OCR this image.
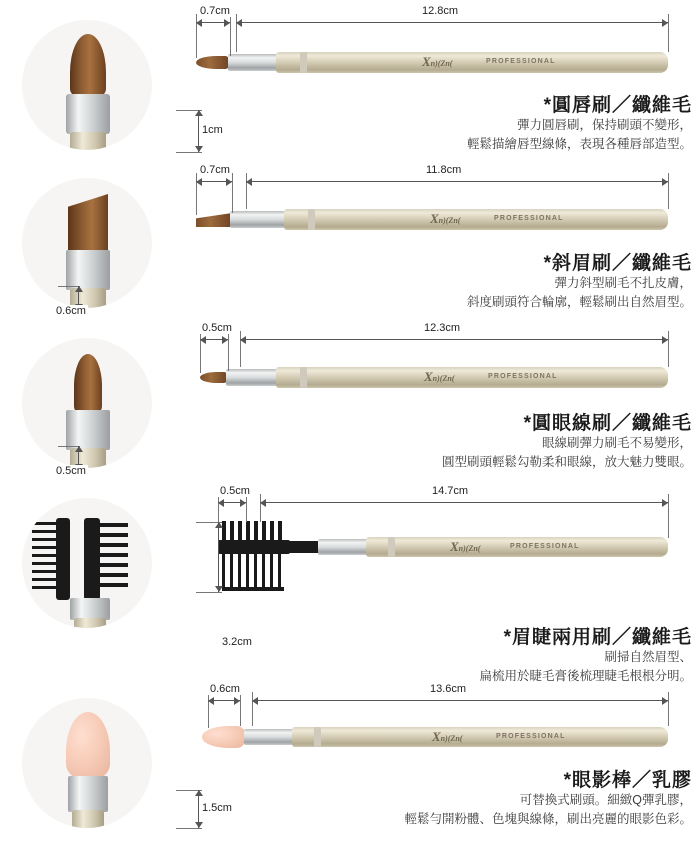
Xn)(Zn(	PROFESSIONAL
0.7cm	12.8cm
1cm
*圓唇刷／纖維毛
彈力圓唇刷，保持刷頭不變形，
輕鬆描繪唇型線條，表現各種唇部造型。
Xn)(Zn(	PROFESSIONAL
0.7cm	11.8cm
0.6cm
*斜眉刷／纖維毛
彈力斜型刷毛不扎皮膚，
斜度刷頭符合輪廓，輕鬆刷出自然眉型。
Xn)(Zn(	PROFESSIONAL
0.5cm	12.3cm
0.5cm
*圓眼線刷／纖維毛
眼線刷彈力刷毛不易變形，
圓型刷頭輕鬆勾勒柔和眼線，放大魅力雙眼。
Xn)(Zn(	PROFESSIONAL
0.5cm	14.7cm
3.2cm	*眉睫兩用刷／纖維毛
刷掃自然眉型、
扁梳用於睫毛膏後梳理睫毛根根分明。
Xn)(Zn(	PROFESSIONAL
0.6cm	13.6cm
1.5cm
*眼影棒／乳膠
可替換式刷頭。細緻Q彈乳膠，
輕鬆勻開粉體、色塊與線條，刷出亮麗的眼影色彩。
